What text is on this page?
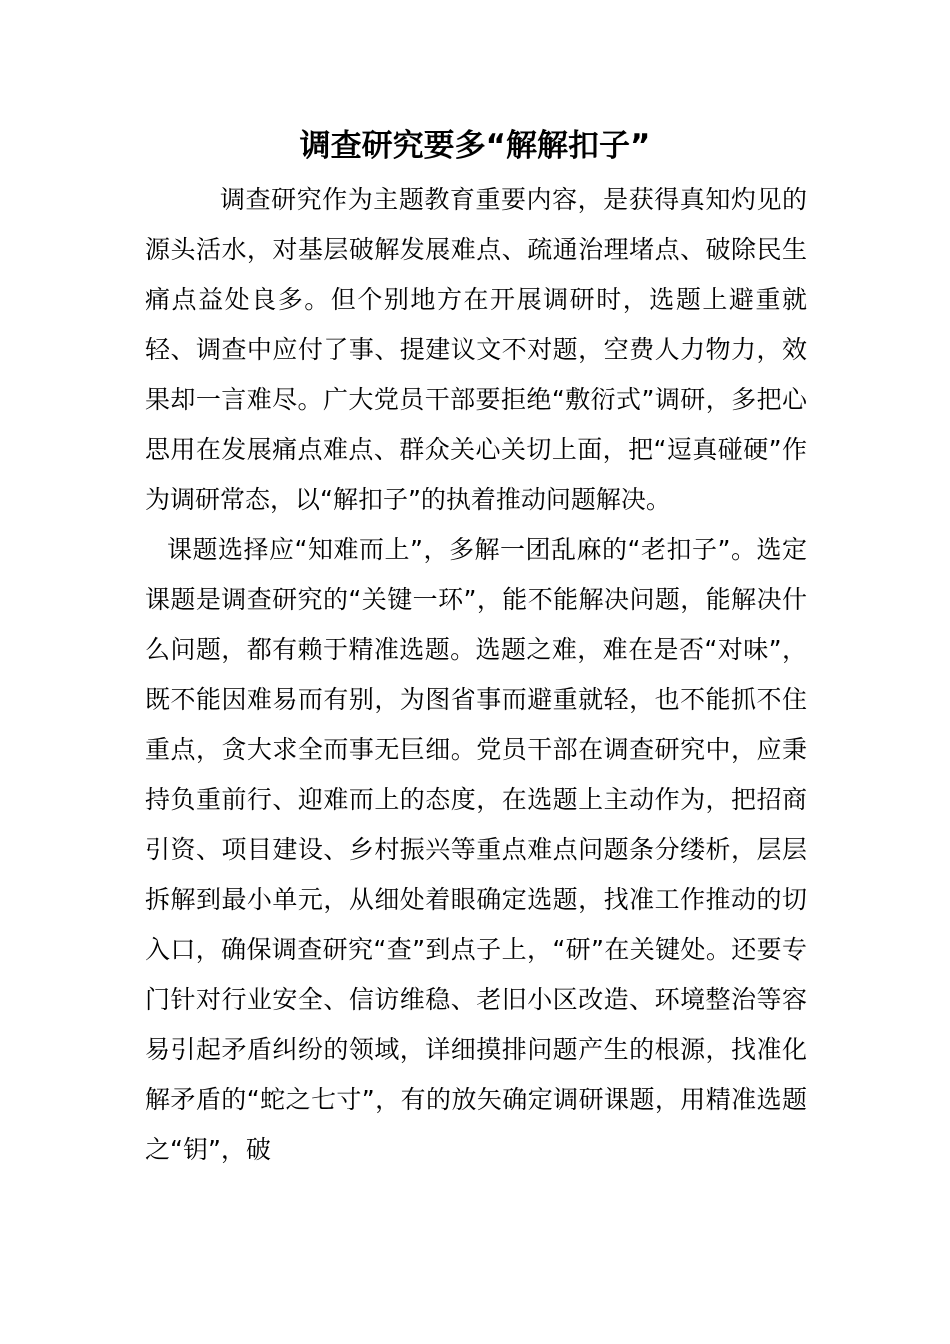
调查研究要多“解解扣子”

调查研究作为主题教育重要内容，是获得真知灼见的源头活水，对基层破解发展难点、疏通治理堵点、破除民生痛点益处良多。但个别地方在开展调研时，选题上避重就轻、调查中应付了事、提建议文不对题，空费人力物力，效果却一言难尽。广大党员干部要拒绝“敷衍式”调研，多把心思用在发展痛点难点、群众关心关切上面，把“逗真碰硬”作为调研常态，以“解扣子”的执着推动问题解决。

课题选择应“知难而上”，多解一团乱麻的“老扣子”。选定课题是调查研究的“关键一环”，能不能解决问题，能解决什么问题，都有赖于精准选题。选题之难，难在是否“对味”，既不能因难易而有别，为图省事而避重就轻，也不能抓不住重点，贪大求全而事无巨细。党员干部在调查研究中，应秉持负重前行、迎难而上的态度，在选题上主动作为，把招商引资、项目建设、乡村振兴等重点难点问题条分缕析，层层拆解到最小单元，从细处着眼确定选题，找准工作推动的切入口，确保调查研究“查”到点子上，“研”在关键处。还要专门针对行业安全、信访维稳、老旧小区改造、环境整治等容易引起矛盾纠纷的领域，详细摸排问题产生的根源，找准化解矛盾的“蛇之七寸”，有的放矢确定调研课题，用精准选题之“钥”，破
